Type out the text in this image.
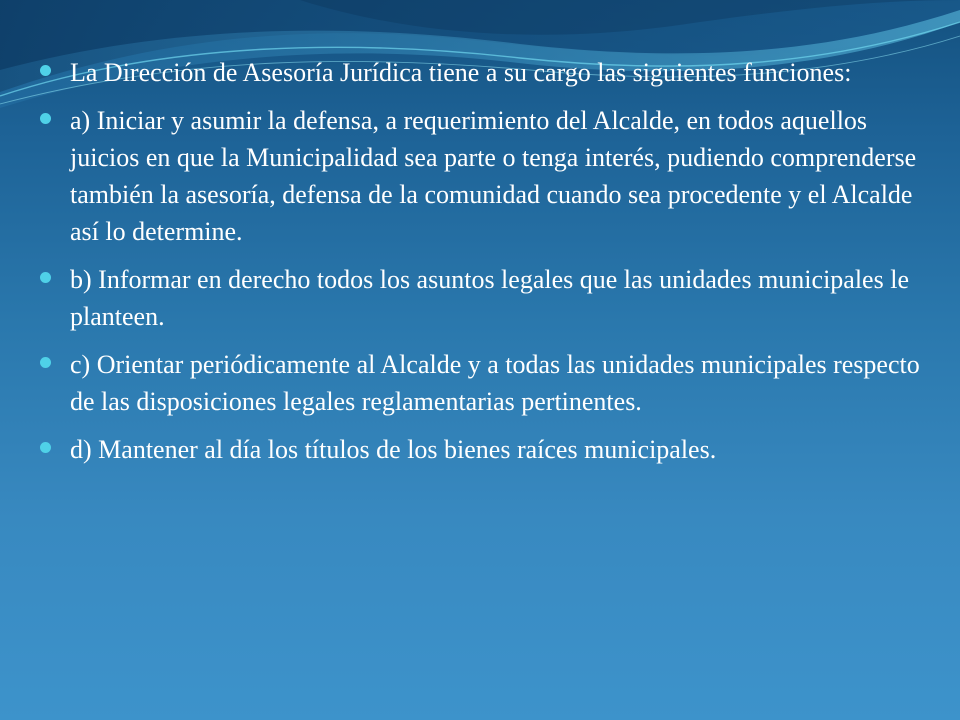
La Dirección de Asesoría Jurídica tiene a su cargo las siguientes funciones:
a) Iniciar y asumir la defensa, a requerimiento del Alcalde, en todos aquellos juicios en que la Municipalidad sea parte o tenga interés, pudiendo comprenderse también la asesoría, defensa de la comunidad cuando sea procedente y el Alcalde así lo determine.
b) Informar en derecho todos los asuntos legales que las unidades municipales le planteen.
c) Orientar periódicamente al Alcalde y a todas las unidades municipales respecto de las disposiciones legales reglamentarias pertinentes.
d) Mantener al día los títulos de los bienes raíces municipales.
